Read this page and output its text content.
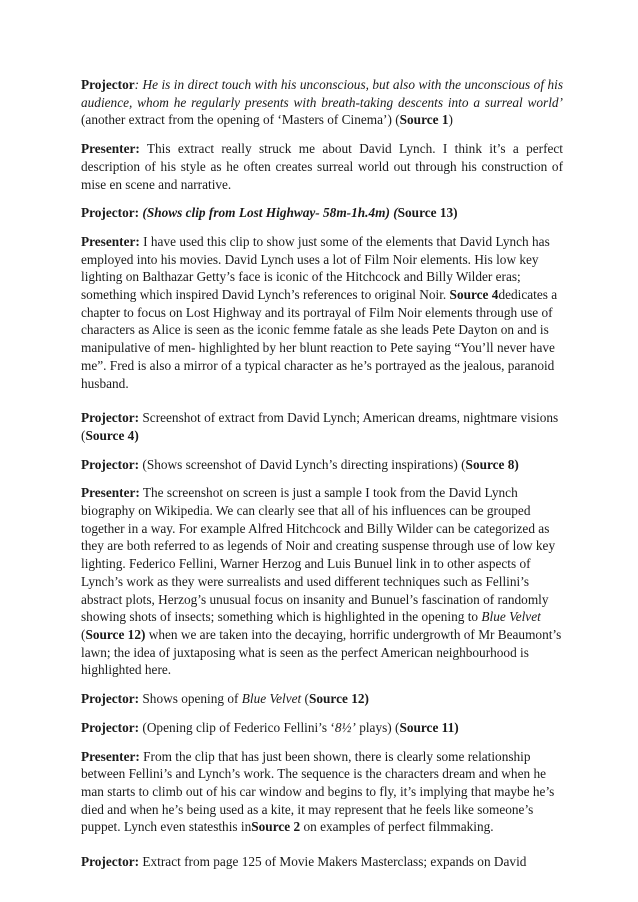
Projector: He is in direct touch with his unconscious, but also with the unconscious of his audience, whom he regularly presents with breath-taking descents into a surreal world’ (another extract from the opening of ‘Masters of Cinema’) (Source 1)

Presenter: This extract really struck me about David Lynch. I think it’s a perfect description of his style as he often creates surreal world out through his construction of mise en scene and narrative.

Projector: (Shows clip from Lost Highway- 58m-1h.4m) (Source 13)

Presenter: I have used this clip to show just some of the elements that David Lynch has employed into his movies. David Lynch uses a lot of Film Noir elements. His low key lighting on Balthazar Getty’s face is iconic of the Hitchcock and Billy Wilder eras; something which inspired David Lynch’s references to original Noir. Source 4dedicates a chapter to focus on Lost Highway and its portrayal of Film Noir elements through use of characters as Alice is seen as the iconic femme fatale as she leads Pete Dayton on and is manipulative of men- highlighted by her blunt reaction to Pete saying “You’ll never have me”. Fred is also a mirror of a typical character as he’s portrayed as the jealous, paranoid husband.

Projector: Screenshot of extract from David Lynch; American dreams, nightmare visions (Source 4)

Projector: (Shows screenshot of David Lynch’s directing inspirations) (Source 8)

Presenter: The screenshot on screen is just a sample I took from the David Lynch biography on Wikipedia. We can clearly see that all of his influences can be grouped together in a way. For example Alfred Hitchcock and Billy Wilder can be categorized as they are both referred to as legends of Noir and creating suspense through use of low key lighting. Federico Fellini, Warner Herzog and Luis Bunuel link in to other aspects of Lynch’s work as they were surrealists and used different techniques such as Fellini’s abstract plots, Herzog’s unusual focus on insanity and Bunuel’s fascination of randomly showing shots of insects; something which is highlighted in the opening to Blue Velvet (Source 12) when we are taken into the decaying, horrific undergrowth of Mr Beaumont’s lawn; the idea of juxtaposing what is seen as the perfect American neighbourhood is highlighted here.

Projector: Shows opening of Blue Velvet (Source 12)

Projector: (Opening clip of Federico Fellini’s ‘8½’ plays) (Source 11)

Presenter: From the clip that has just been shown, there is clearly some relationship between Fellini’s and Lynch’s work. The sequence is the characters dream and when he man starts to climb out of his car window and begins to fly, it’s implying that maybe he’s died and when he’s being used as a kite, it may represent that he feels like someone’s puppet. Lynch even statesthis inSource 2 on examples of perfect filmmaking.

Projector: Extract from page 125 of Movie Makers Masterclass; expands on David
